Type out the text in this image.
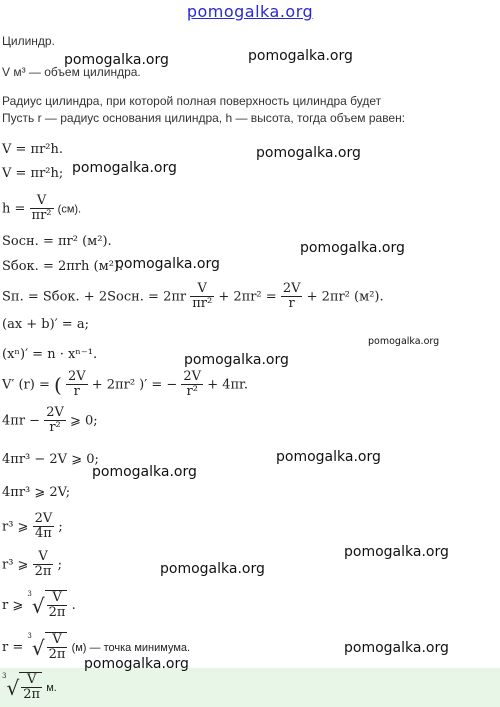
pomogalka.org
Цилиндр.
V м³ — объем цилиндра.
Радиус цилиндра, при которой полная поверхность цилиндра будет
Пусть r — радиус основания цилиндра, h — высота, тогда объем равен:
V = πr²h.
V = πr²h;
$h = \frac{V}{\text{πr²}} (см)$.
Sосн. = πr² (м²).
Sбок. = 2πrh (м²).
Sп. = Sбок. + 2Sосн. = $2\pi r \frac{V}{\text{πr²}} + 2\pi r^2 = \frac{2V}{r} + 2\pi r^2$ (м²).
(ax + b)′ = a;
(xⁿ)′ = n · xⁿ⁻¹.
V′ (r) = ( $\frac{2V}{r} + 2\pi r^2$ )′ = − $\frac{2V}{\text{r²}} + 4\pi r$.
$4\pi r - \frac{2V}{\text{r²}}$ ⩾ 0;
4πr³ − 2V ⩾ 0;
4πr³ ⩾ 2V;
r³ ⩾ $\frac{2V}{4\pi}$ ;
r³ ⩾ $\frac{V}{2\pi}$ ;
r ⩾ $^3√ \frac{V}{2\pi}$ .
$r = ^3√ \frac{V}{2\pi} (м)$ — точка минимума.
$^3√ \frac{V}{2\pi} м$.
pomogalka.org	pomogalka.org
pomogalka.org
pomogalka.org
pomogalka.org
pomogalka.org
pomogalka.org
pomogalka.org
pomogalka.org
pomogalka.org
pomogalka.org
pomogalka.org
pomogalka.org
pomogalka.org
